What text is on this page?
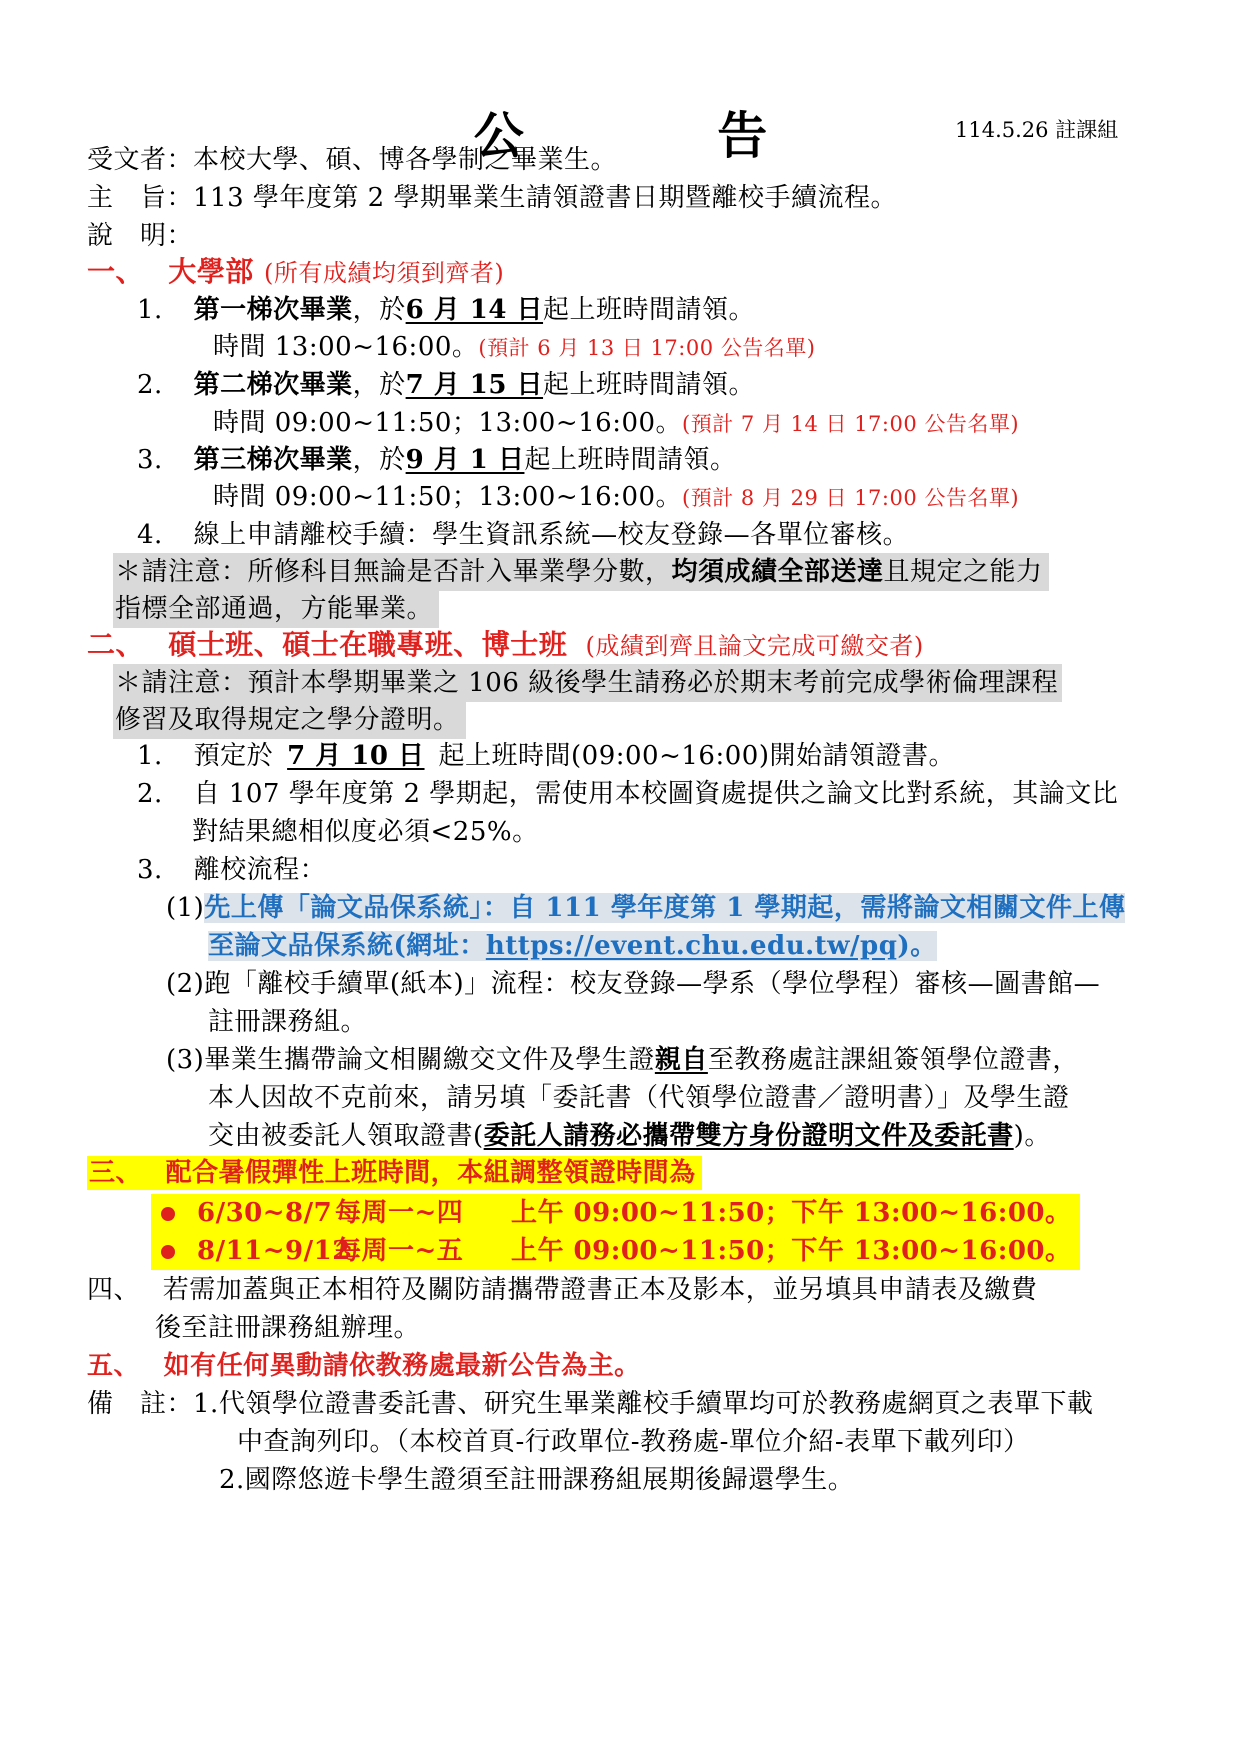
公 告	114.5.26 註課組
受文者：本校大學、碩、博各學制之畢業生。
主　旨：113 學年度第 2 學期畢業生請領證書日期暨離校手續流程。
說　明：
一、 大學部 (所有成績均須到齊者)
1. 第一梯次畢業，於6 月 14 日起上班時間請領。
時間 13:00~16:00。(預計 6 月 13 日 17:00 公告名單)
2. 第二梯次畢業，於7 月 15 日起上班時間請領。
時間 09:00~11:50；13:00~16:00。(預計 7 月 14 日 17:00 公告名單)
3. 第三梯次畢業，於9 月 1 日起上班時間請領。
時間 09:00~11:50；13:00~16:00。(預計 8 月 29 日 17:00 公告名單)
4. 線上申請離校手續：學生資訊系統—校友登錄—各單位審核。
＊請注意：所修科目無論是否計入畢業學分數，均須成績全部送達且規定之能力
指標全部通過，方能畢業。
二、 碩士班、碩士在職專班、博士班 (成績到齊且論文完成可繳交者)
＊請注意：預計本學期畢業之 106 級後學生請務必於期末考前完成學術倫理課程
修習及取得規定之學分證明。
1. 預定於 7 月 10 日 起上班時間(09:00~16:00)開始請領證書。
2. 自 107 學年度第 2 學期起，需使用本校圖資處提供之論文比對系統，其論文比
對結果總相似度必須<25%。
3. 離校流程：
(1)先上傳「論文品保系統」：自 111 學年度第 1 學期起，需將論文相關文件上傳
至論文品保系統(網址：https://event.chu.edu.tw/pq)。
(2)跑「離校手續單(紙本)」流程：校友登錄—學系（學位學程）審核—圖書館—
註冊課務組。
(3)畢業生攜帶論文相關繳交文件及學生證親自至教務處註課組簽領學位證書，
本人因故不克前來，請另填「委託書（代領學位證書／證明書）」及學生證
交由被委託人領取證書(委託人請務必攜帶雙方身份證明文件及委託書)。
三、 配合暑假彈性上班時間，本組調整領證時間為
6/30~8/7 每周一~四 上午 09:00~11:50；下午 13:00~16:00。
8/11~9/12每周一~五 上午 09:00~11:50；下午 13:00~16:00。
四、 若需加蓋與正本相符及關防請攜帶證書正本及影本，並另填具申請表及繳費
後至註冊課務組辦理。
五、 如有任何異動請依教務處最新公告為主。
備　註：1.代領學位證書委託書、研究生畢業離校手續單均可於教務處網頁之表單下載
中查詢列印。（本校首頁-行政單位-教務處-單位介紹-表單下載列印）
2.國際悠遊卡學生證須至註冊課務組展期後歸還學生。
